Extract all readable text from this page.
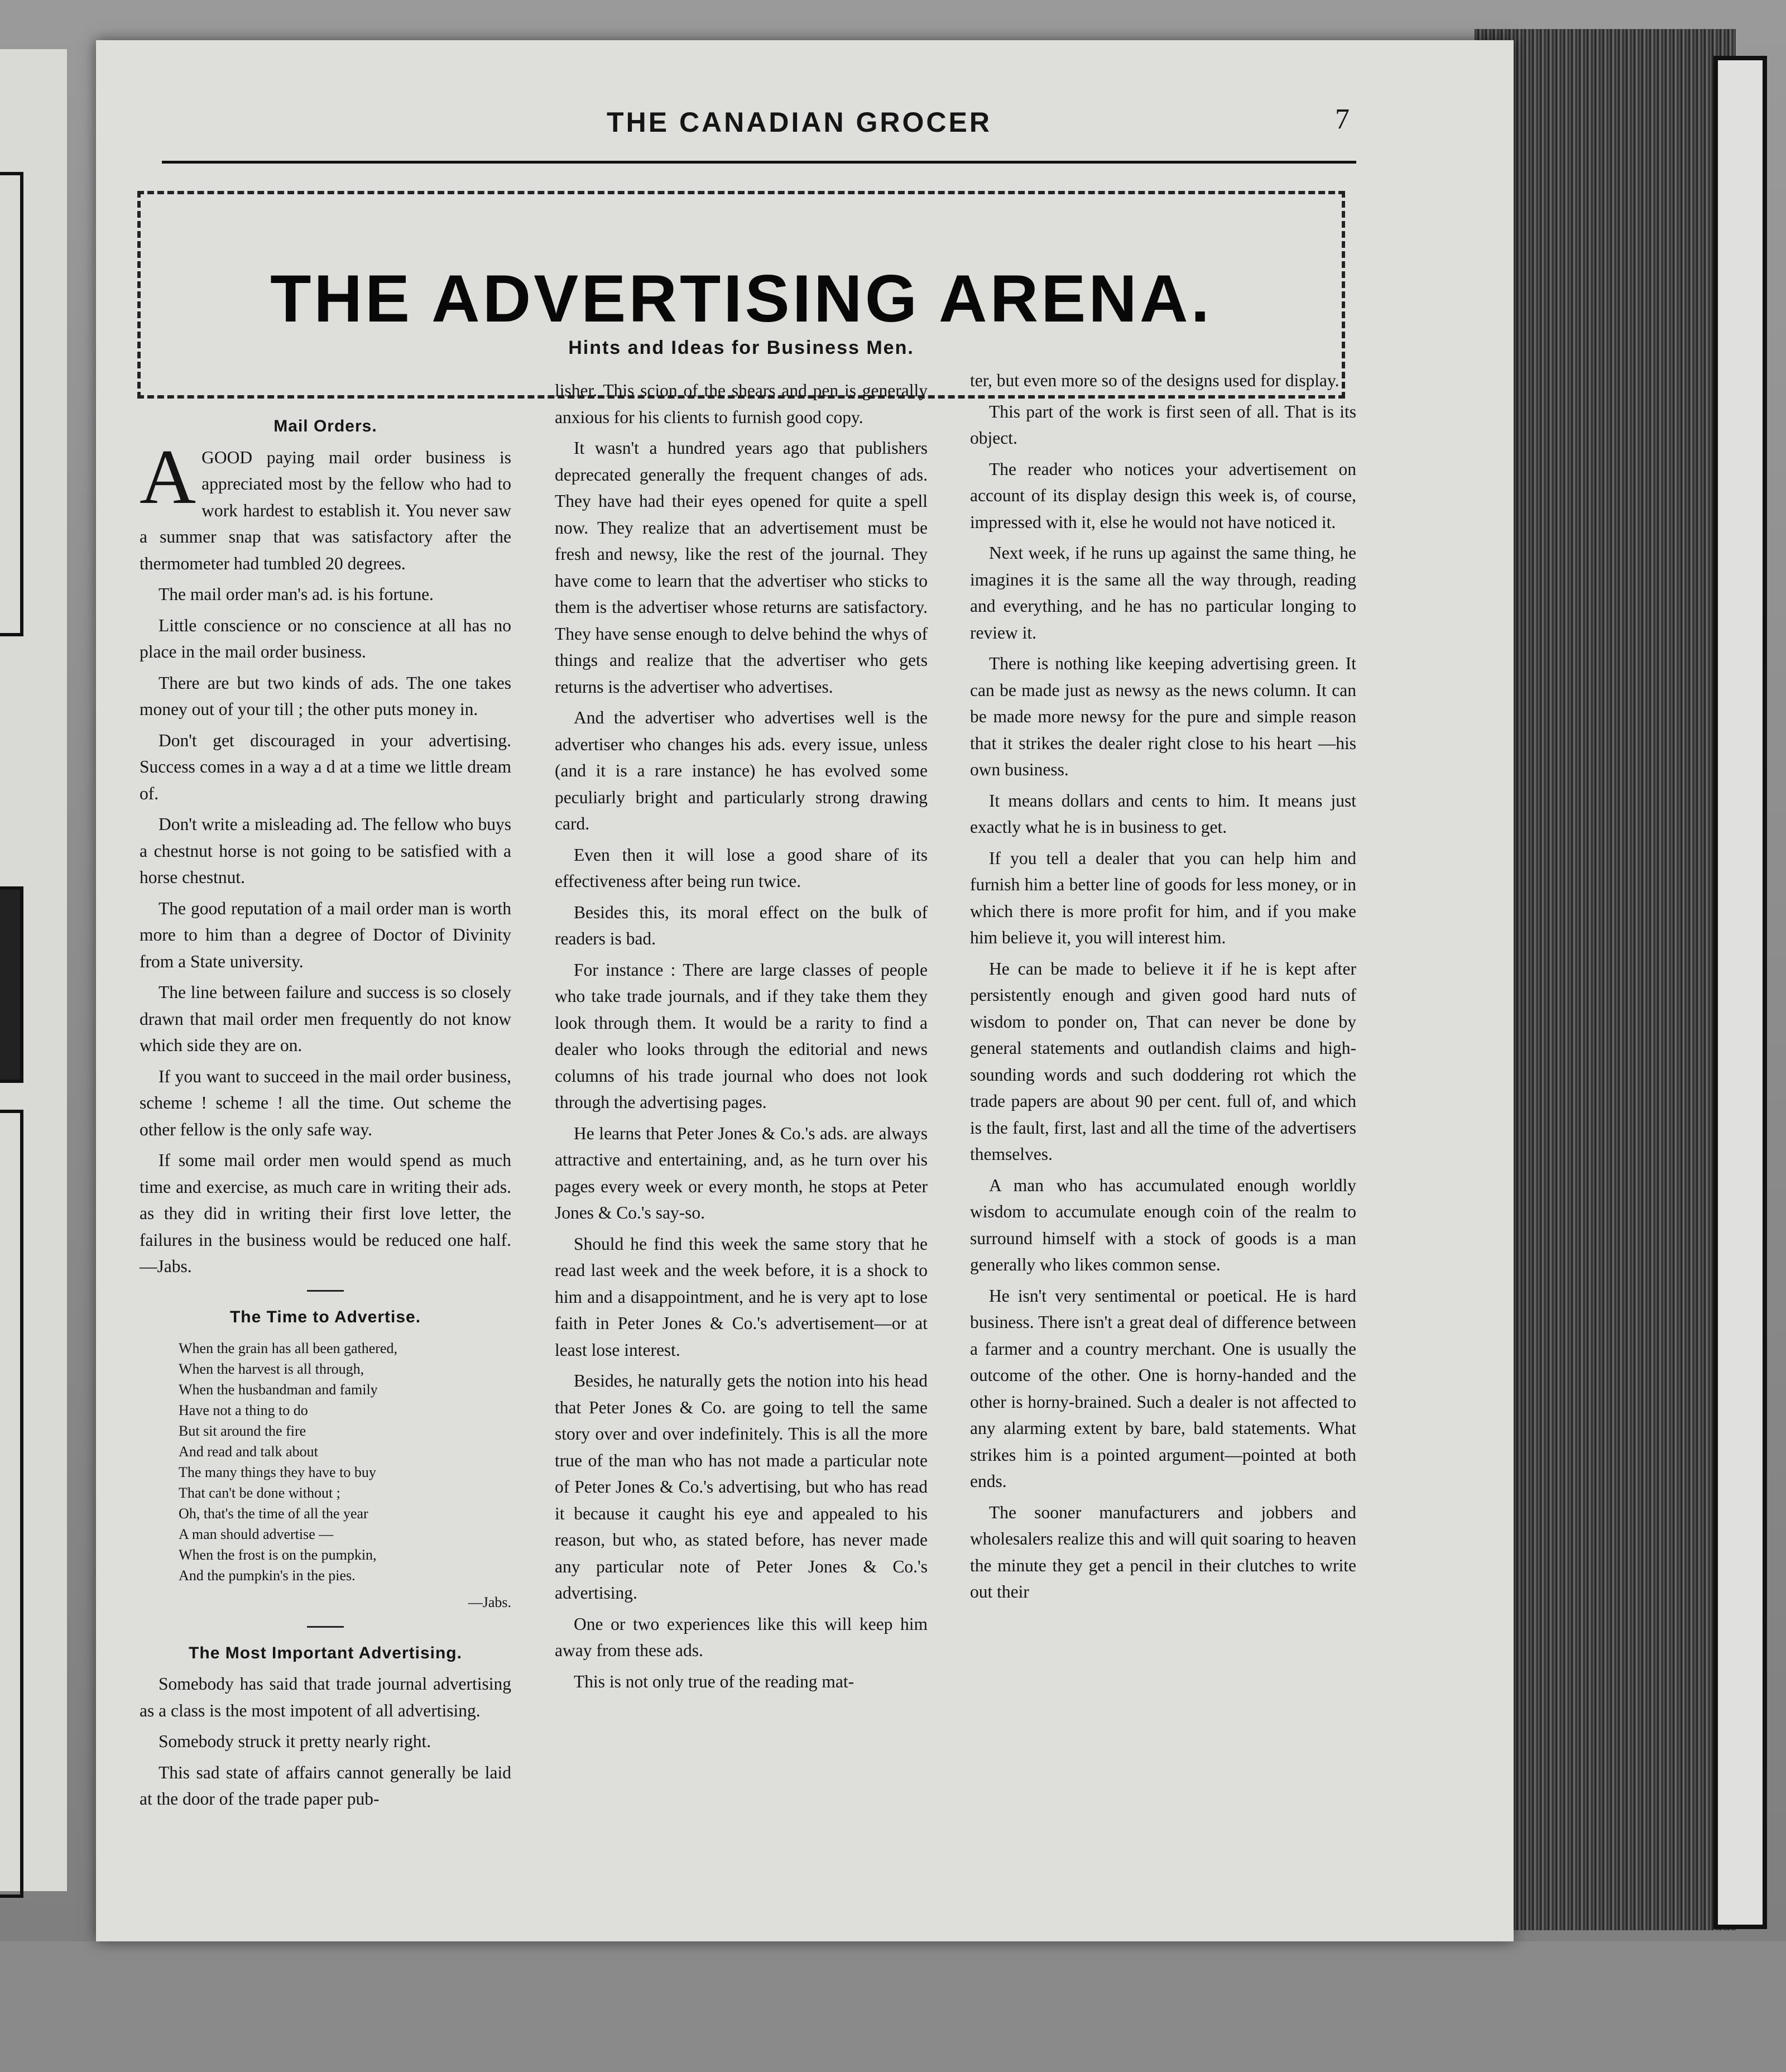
THE CANADIAN GROCER	7
THE ADVERTISING ARENA.
Hints and Ideas for Business Men.
Mail Orders.

AGOOD paying mail order business is appreciated most by the fellow who had to work hardest to establish it. You never saw a summer snap that was satisfactory after the thermometer had tumbled 20 degrees.

The mail order man's ad. is his fortune.

Little conscience or no conscience at all has no place in the mail order business.

There are but two kinds of ads. The one takes money out of your till ; the other puts money in.

Don't get discouraged in your advertising. Success comes in a way a d at a time we little dream of.

Don't write a misleading ad. The fellow who buys a chestnut horse is not going to be satisfied with a horse chestnut.

The good reputation of a mail order man is worth more to him than a degree of Doctor of Divinity from a State university.

The line between failure and success is so closely drawn that mail order men frequently do not know which side they are on.

If you want to succeed in the mail order business, scheme ! scheme ! all the time. Out scheme the other fellow is the only safe way.

If some mail order men would spend as much time and exercise, as much care in writing their ads. as they did in writing their first love letter, the failures in the business would be reduced one half.—Jabs.

The Time to Advertise.
When the grain has all been gathered,
When the harvest is all through,
When the husbandman and family
Have not a thing to do
But sit around the fire
And read and talk about
The many things they have to buy
That can't be done without ;
Oh, that's the time of all the year
A man should advertise —
When the frost is on the pumpkin,
And the pumpkin's in the pies.
—Jabs.
The Most Important Advertising.

Somebody has said that trade journal advertising as a class is the most impotent of all advertising.

Somebody struck it pretty nearly right.

This sad state of affairs cannot generally be laid at the door of the trade paper pub-

lisher. This scion of the shears and pen is generally anxious for his clients to furnish good copy.

It wasn't a hundred years ago that publishers deprecated generally the frequent changes of ads. They have had their eyes opened for quite a spell now. They realize that an advertisement must be fresh and newsy, like the rest of the journal. They have come to learn that the advertiser who sticks to them is the advertiser whose returns are satisfactory. They have sense enough to delve behind the whys of things and realize that the advertiser who gets returns is the advertiser who advertises.

And the advertiser who advertises well is the advertiser who changes his ads. every issue, unless (and it is a rare instance) he has evolved some peculiarly bright and particularly strong drawing card.

Even then it will lose a good share of its effectiveness after being run twice.

Besides this, its moral effect on the bulk of readers is bad.

For instance : There are large classes of people who take trade journals, and if they take them they look through them. It would be a rarity to find a dealer who looks through the editorial and news columns of his trade journal who does not look through the advertising pages.

He learns that Peter Jones & Co.'s ads. are always attractive and entertaining, and, as he turn over his pages every week or every month, he stops at Peter Jones & Co.'s say-so.

Should he find this week the same story that he read last week and the week before, it is a shock to him and a disappointment, and he is very apt to lose faith in Peter Jones & Co.'s advertisement—or at least lose interest.

Besides, he naturally gets the notion into his head that Peter Jones & Co. are going to tell the same story over and over indefinitely. This is all the more true of the man who has not made a particular note of Peter Jones & Co.'s advertising, but who has read it because it caught his eye and appealed to his reason, but who, as stated before, has never made any particular note of Peter Jones & Co.'s advertising.

One or two experiences like this will keep him away from these ads.

This is not only true of the reading mat-

ter, but even more so of the designs used for display.

This part of the work is first seen of all. That is its object.

The reader who notices your advertisement on account of its display design this week is, of course, impressed with it, else he would not have noticed it.

Next week, if he runs up against the same thing, he imagines it is the same all the way through, reading and everything, and he has no particular longing to review it.

There is nothing like keeping advertising green. It can be made just as newsy as the news column. It can be made more newsy for the pure and simple reason that it strikes the dealer right close to his heart —his own business.

It means dollars and cents to him. It means just exactly what he is in business to get.

If you tell a dealer that you can help him and furnish him a better line of goods for less money, or in which there is more profit for him, and if you make him believe it, you will interest him.

He can be made to believe it if he is kept after persistently enough and given good hard nuts of wisdom to ponder on, That can never be done by general statements and outlandish claims and high-sounding words and such doddering rot which the trade papers are about 90 per cent. full of, and which is the fault, first, last and all the time of the advertisers themselves.

A man who has accumulated enough worldly wisdom to accumulate enough coin of the realm to surround himself with a stock of goods is a man generally who likes common sense.

He isn't very sentimental or poetical. He is hard business. There isn't a great deal of difference between a farmer and a country merchant. One is usually the outcome of the other. One is horny-handed and the other is horny-brained. Such a dealer is not affected to any alarming extent by bare, bald statements. What strikes him is a pointed argument—pointed at both ends.

The sooner manufacturers and jobbers and wholesalers realize this and will quit soaring to heaven the minute they get a pencil in their clutches to write out their
